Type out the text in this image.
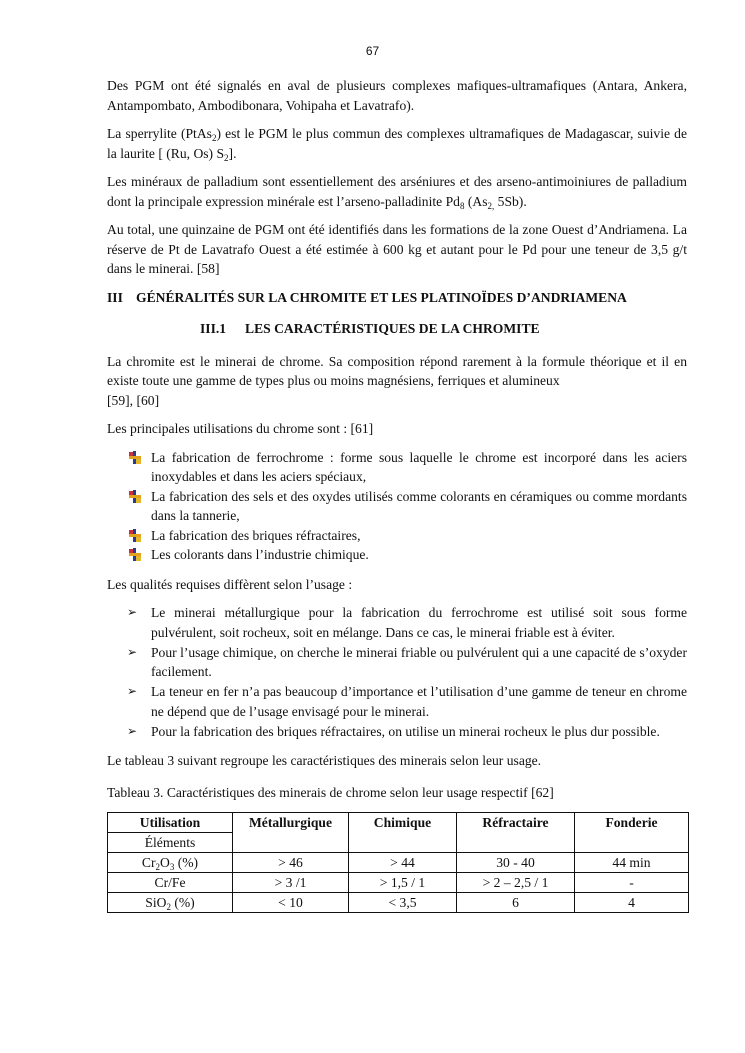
67

Des PGM ont été signalés en aval de plusieurs complexes mafiques-ultramafiques (Antara, Ankera, Antampombato, Ambodibonara, Vohipaha et Lavatrafo).

La sperrylite (PtAs$_2$) est le PGM le plus commun des complexes ultramafiques de Madagascar, suivie de la laurite [ (Ru, Os) $S_2$].

Les minéraux de palladium sont essentiellement des arséniures et des arseno-antimoiniures de palladium dont la principale expression minérale est l’arseno-palladinite $Pd_8$ ($As_{2,}$ 5Sb).

Au total, une quinzaine de PGM ont été identifiés dans les formations de la zone Ouest d’Andriamena. La réserve de Pt de Lavatrafo Ouest a été estimée à 600 kg et autant pour le Pd pour une teneur de 3,5 g/t dans le minerai. [58]

III GÉNÉRALITÉS SUR LA CHROMITE ET LES PLATINOÏDES D’ANDRIAMENA
III.1	LES CARACTÉRISTIQUES DE LA CHROMITE

La chromite est le minerai de chrome. Sa composition répond rarement à la formule théorique et il en existe toute une gamme de types plus ou moins magnésiens, ferriques et alumineux
[59], [60]

Les principales utilisations du chrome sont : [61]

La fabrication de ferrochrome : forme sous laquelle le chrome est incorporé dans les aciers inoxydables et dans les aciers spéciaux,
La fabrication des sels et des oxydes utilisés comme colorants en céramiques ou comme mordants dans la tannerie,
La fabrication des briques réfractaires,
Les colorants dans l’industrie chimique.

Les qualités requises diffèrent selon l’usage :

➢ Le minerai métallurgique pour la fabrication du ferrochrome est utilisé soit sous forme pulvérulent, soit rocheux, soit en mélange. Dans ce cas, le minerai friable est à éviter.
➢ Pour l’usage chimique, on cherche le minerai friable ou pulvérulent qui a une capacité de s’oxyder facilement.
➢ La teneur en fer n’a pas beaucoup d’importance et l’utilisation d’une gamme de teneur en chrome ne dépend que de l’usage envisagé pour le minerai.
➢ Pour la fabrication des briques réfractaires, on utilise un minerai rocheux le plus dur possible.

Le tableau 3 suivant regroupe les caractéristiques des minerais selon leur usage.

Tableau 3. Caractéristiques des minerais de chrome selon leur usage respectif [62]

Utilisation	Métallurgique	Chimique	Réfractaire	Fonderie
Éléments				
$Cr_2O_3$ (%)	> 46	> 44	30 - 40	44 min
Cr/Fe	> 3 /1	> 1,5 / 1	> 2 – 2,5 / 1	-
SiO$_2$ (%)	< 10	< 3,5	6	4
